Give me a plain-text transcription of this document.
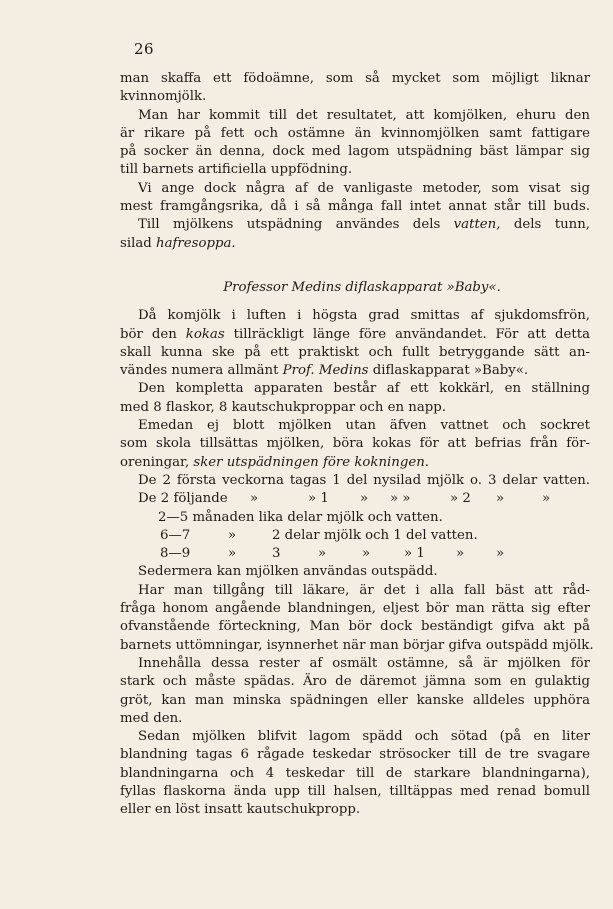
26
man skaffa ett födoämne, som så mycket som möjligt liknar
kvinnomjölk.
Man har kommit till det resultatet, att komjölken, ehuru den
är rikare på fett och ostämne än kvinnomjölken samt fattigare
på socker än denna, dock med lagom utspädning bäst lämpar sig
till barnets artificiella uppfödning.
Vi ange dock några af de vanligaste metoder, som visat sig
mest framgångsrika, då i så många fall intet annat står till buds.
Till mjölkens utspädning användes dels vatten, dels tunn,
silad hafresoppa.
Professor Medins diflaskapparat »Baby«.
Då komjölk i luften i högsta grad smittas af sjukdomsfrön,
bör den kokas tillräckligt länge före användandet. För att detta
skall kunna ske på ett praktiskt och fullt betryggande sätt an-
vändes numera allmänt Prof. Medins diflaskapparat »Baby«.
Den kompletta apparaten består af ett kokkärl, en ställning
med 8 flaskor, 8 kautschukproppar och en napp.
Emedan ej blott mjölken utan äfven vattnet och sockret
som skola tillsättas mjölken, böra kokas för att befrias från för-
oreningar, sker utspädningen före kokningen.
De 2 första veckorna tagas 1 del nysilad mjölk o. 3 delar vatten.
De 2 följande »	» 1 » » »	» 2 »	»
2—5 månaden lika delar mjölk och vatten.
6—7	»	2 delar mjölk och 1 del vatten.
8—9	»	3	»	»	» 1 » »
Sedermera kan mjölken användas outspädd.
Har man tillgång till läkare, är det i alla fall bäst att råd-
fråga honom angående blandningen, eljest bör man rätta sig efter
ofvanstående förteckning, Man bör dock beständigt gifva akt på
barnets uttömningar, isynnerhet när man börjar gifva outspädd mjölk.
Innehålla dessa rester af osmält ostämne, så är mjölken för
stark och måste spädas. Äro de däremot jämna som en gulaktig
gröt, kan man minska spädningen eller kanske alldeles upphöra
med den.
Sedan mjölken blifvit lagom spädd och sötad (på en liter
blandning tagas 6 rågade teskedar strösocker till de tre svagare
blandningarna och 4 teskedar till de starkare blandningarna),
fyllas flaskorna ända upp till halsen, tilltäppas med renad bomull
eller en löst insatt kautschukpropp.
